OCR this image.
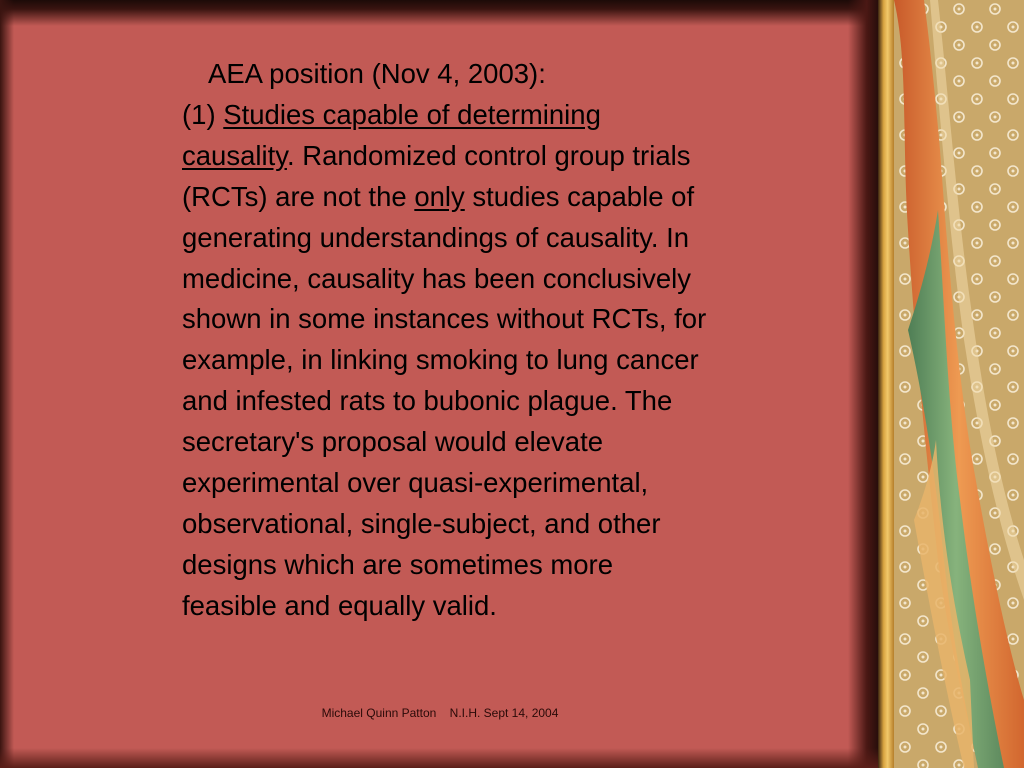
AEA position (Nov 4, 2003):
(1) Studies capable of determining
causality. Randomized control group trials
(RCTs) are not the only studies capable of
generating understandings of causality. In
medicine, causality has been conclusively
shown in some instances without RCTs, for
example, in linking smoking to lung cancer
and infested rats to bubonic plague. The
secretary's proposal would elevate
experimental over quasi-experimental,
observational, single-subject, and other
designs which are sometimes more
feasible and equally valid.
Michael Quinn Patton    N.I.H. Sept 14, 2004
